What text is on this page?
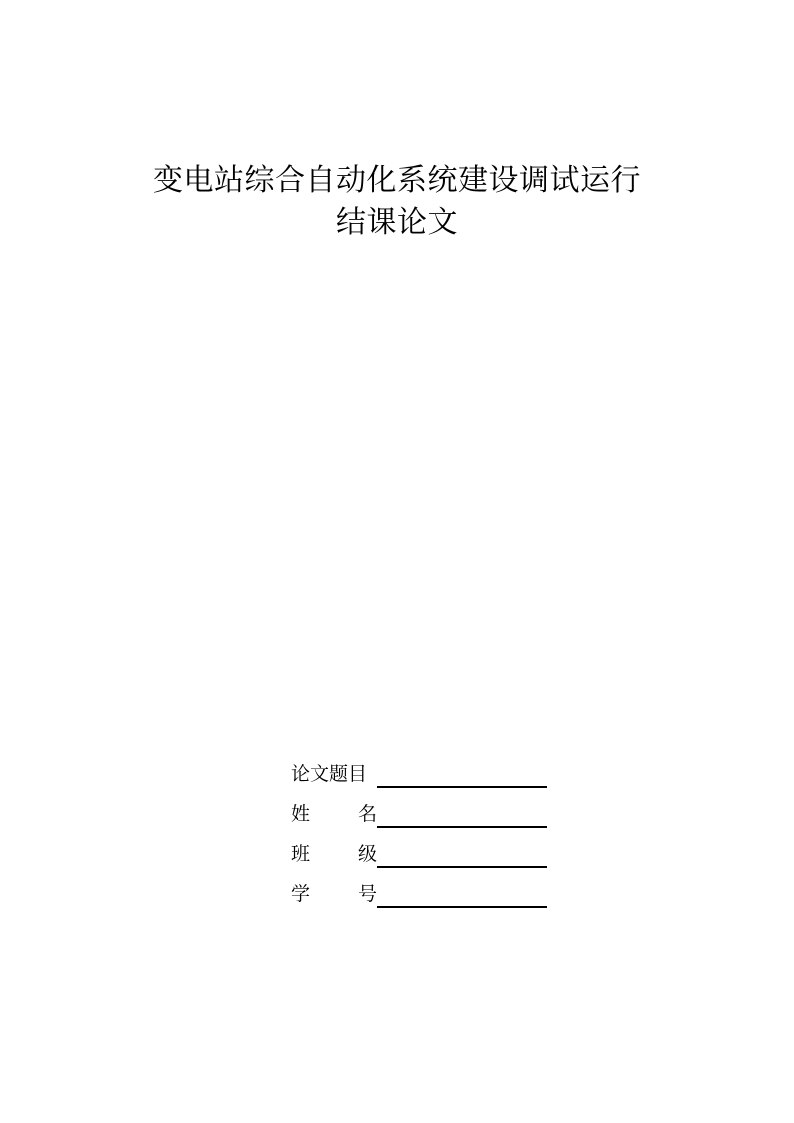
变电站综合自动化系统建设调试运行
结课论文
论文题目
姓	名
班	级
学	号
